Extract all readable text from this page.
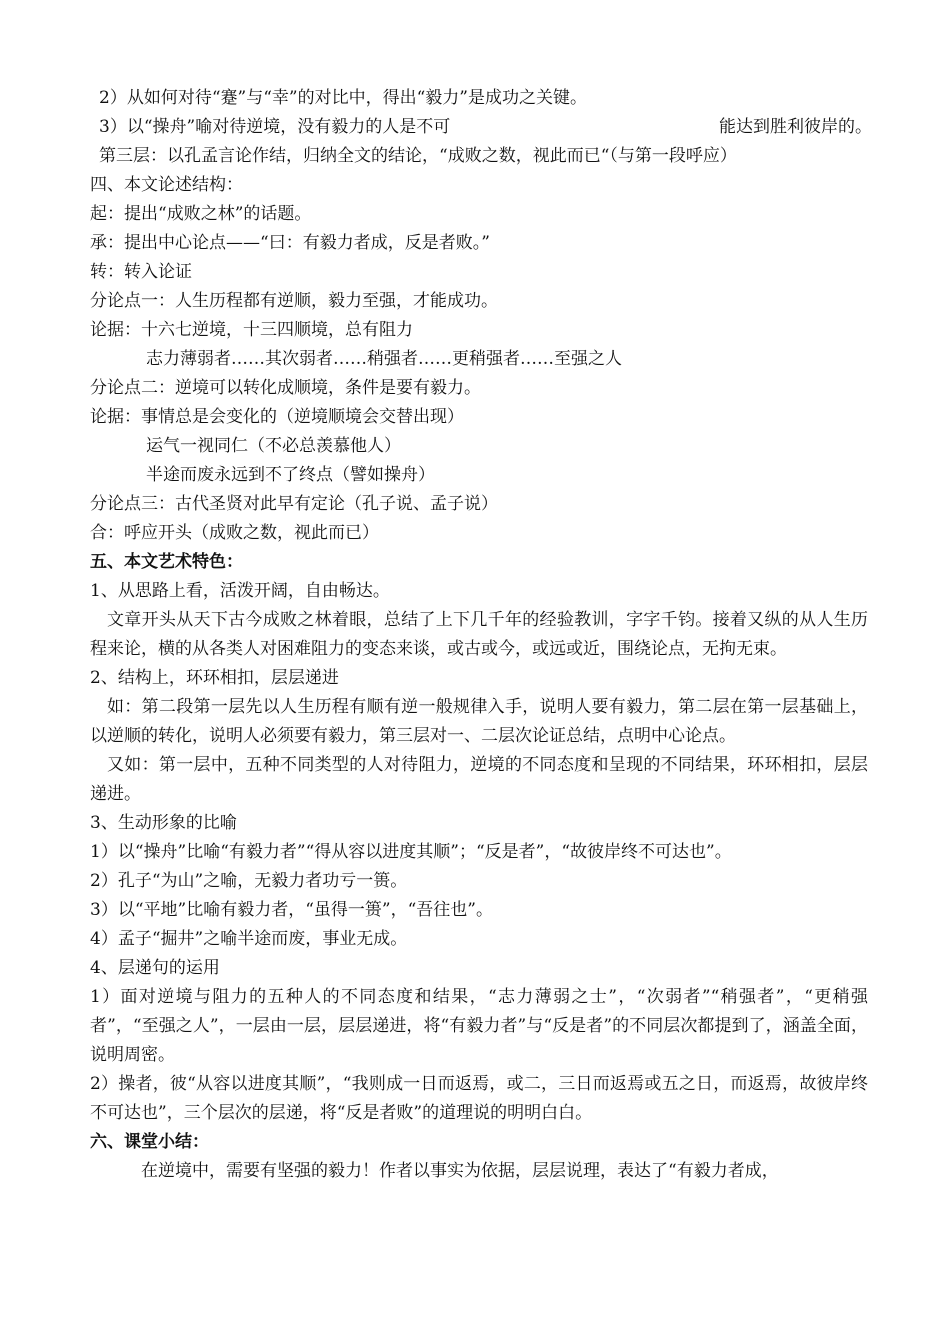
2）从如何对待“蹇”与“幸”的对比中，得出“毅力”是成功之关键。

3）以“操舟”喻对待逆境，没有毅力的人是不可	能达到胜利彼岸的。

第三层：以孔孟言论作结，归纳全文的结论，“成败之数，视此而已“（与第一段呼应）

四、本文论述结构：

起：提出“成败之林”的话题。

承：提出中心论点——“曰：有毅力者成，反是者败。”

转：转入论证

分论点一：人生历程都有逆顺，毅力至强，才能成功。

论据：十六七逆境，十三四顺境，总有阻力

志力薄弱者……其次弱者……稍强者……更稍强者……至强之人

分论点二：逆境可以转化成顺境，条件是要有毅力。

论据：事情总是会变化的（逆境顺境会交替出现）

运气一视同仁（不必总羡慕他人）

半途而废永远到不了终点（譬如操舟）

分论点三：古代圣贤对此早有定论（孔子说、孟子说）

合：呼应开头（成败之数，视此而已）

五、本文艺术特色：

1、从思路上看，活泼开阔，自由畅达。

文章开头从天下古今成败之林着眼，总结了上下几千年的经验教训，字字千钧。接着又纵的从人生历程来论，横的从各类人对困难阻力的变态来谈，或古或今，或远或近，围绕论点，无拘无束。

2、结构上，环环相扣，层层递进

如：第二段第一层先以人生历程有顺有逆一般规律入手，说明人要有毅力，第二层在第一层基础上，以逆顺的转化，说明人必须要有毅力，第三层对一、二层次论证总结，点明中心论点。

又如：第一层中，五种不同类型的人对待阻力，逆境的不同态度和呈现的不同结果，环环相扣，层层递进。

3、生动形象的比喻

1）以“操舟”比喻“有毅力者”“得从容以进度其顺”；“反是者”，“故彼岸终不可达也”。

2）孔子“为山”之喻，无毅力者功亏一篑。

3）以“平地”比喻有毅力者，“虽得一篑”，“吾往也”。

4）孟子“掘井”之喻半途而废，事业无成。

4、层递句的运用

1）面对逆境与阻力的五种人的不同态度和结果，“志力薄弱之士”，“次弱者”“稍强者”，“更稍强者”，“至强之人”，一层由一层，层层递进，将“有毅力者”与“反是者”的不同层次都提到了，涵盖全面，说明周密。

2）操者，彼“从容以进度其顺”，“我则成一日而返焉，或二，三日而返焉或五之日，而返焉，故彼岸终不可达也”，三个层次的层递，将“反是者败”的道理说的明明白白。

六、课堂小结：

在逆境中，需要有坚强的毅力！作者以事实为依据，层层说理，表达了“有毅力者成，
